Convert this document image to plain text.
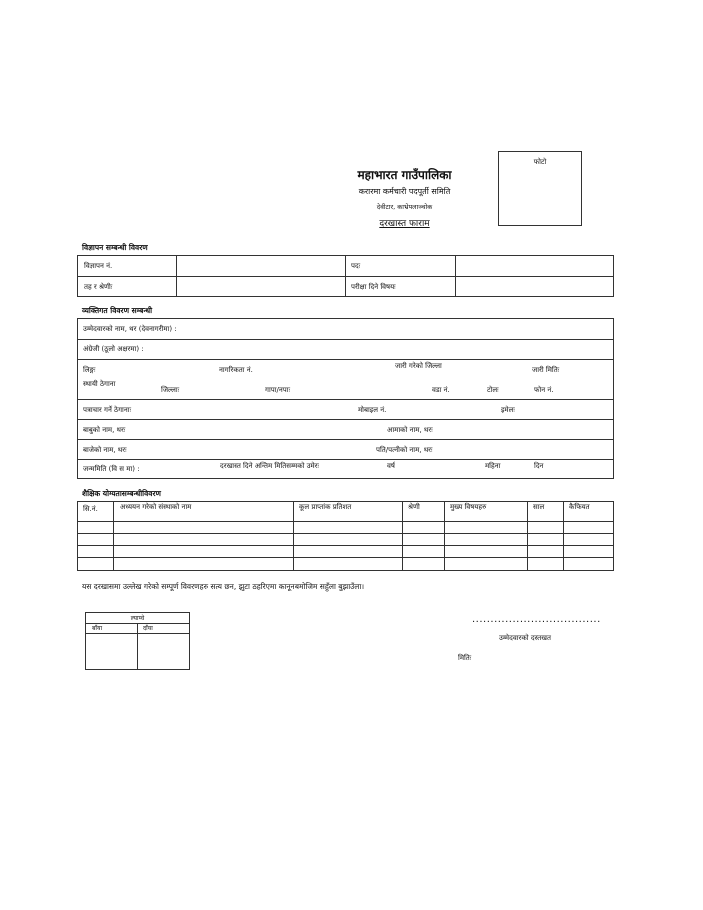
फोटो
महाभारत गाउँपालिका
करारमा कर्मचारी पदपूर्ती समिति
देवीटार, काभ्रेपलाञ्चोक
दरखास्त फाराम
विज्ञापन सम्बन्धी विवरण
विज्ञापन नं.	पदः
तह र श्रेणीः	परीक्षा दिने विषयः
व्यक्तिगत विवरण सम्बन्धी
उम्मेदवारको नाम, थर (देवनागरीमा) :
अंग्रेजी (ठूलो अक्षरमा) :
लिङ्गः	नागरिकता नं.	जारी गरेको जिल्ला	जारी मितिः
स्थायी ठेगाना
जिल्लाः	गापा/नपाः	वडा नं.	टोलः	फोन नं.
पत्राचार गर्ने ठेगानाः	मोबाइल नं.	इमेलः
बाबुको नाम, थरः	आमाको नाम, थरः
बाजेको नाम, थरः	पति/पत्नीको नाम, थरः
जन्ममिति (वि स मा) :	दरखास्त दिने अन्तिम मितिसम्मको उमेरः	वर्ष	महिना	दिन
शैक्षिक योग्यतासम्बन्धीविवरण
सि.नं.	अध्ययन गरेको संस्थाको नाम	कूल प्राप्तांक प्रतिशत	श्रेणी	मुख्य विषयहरु	साल	कैफियत
यस दरखासमा उल्लेख गरेको सम्पूर्ण विवरणहरु सत्य छन, झुटा ठहरिएमा कानूनबमोजिम सहुँला बुझाउँला।
ल्याप्चे
बाँया	दाँया
...................................
उम्मेदवारको दस्तखत
मितिः
